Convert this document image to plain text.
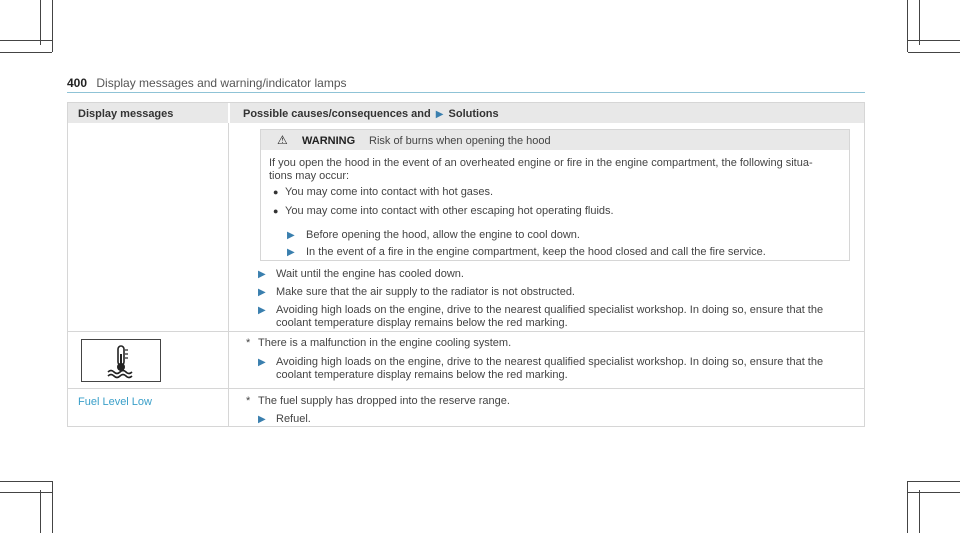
400 Display messages and warning/indicator lamps
Display messages	Possible causes/consequences and ▶ Solutions
⚠ WARNING Risk of burns when opening the hood
If you open the hood in the event of an overheated engine or fire in the engine compartment, the following situa-
tions may occur:
● You may come into contact with hot gases.
● You may come into contact with other escaping hot operating fluids.
▶ Before opening the hood, allow the engine to cool down.
▶ In the event of a fire in the engine compartment, keep the hood closed and call the fire service.
▶ Wait until the engine has cooled down.
▶ Make sure that the air supply to the radiator is not obstructed.
▶ Avoiding high loads on the engine, drive to the nearest qualified specialist workshop. In doing so, ensure that the
coolant temperature display remains below the red marking.
* There is a malfunction in the engine cooling system.
▶ Avoiding high loads on the engine, drive to the nearest qualified specialist workshop. In doing so, ensure that the
coolant temperature display remains below the red marking.
Fuel Level Low	* The fuel supply has dropped into the reserve range.
▶ Refuel.
